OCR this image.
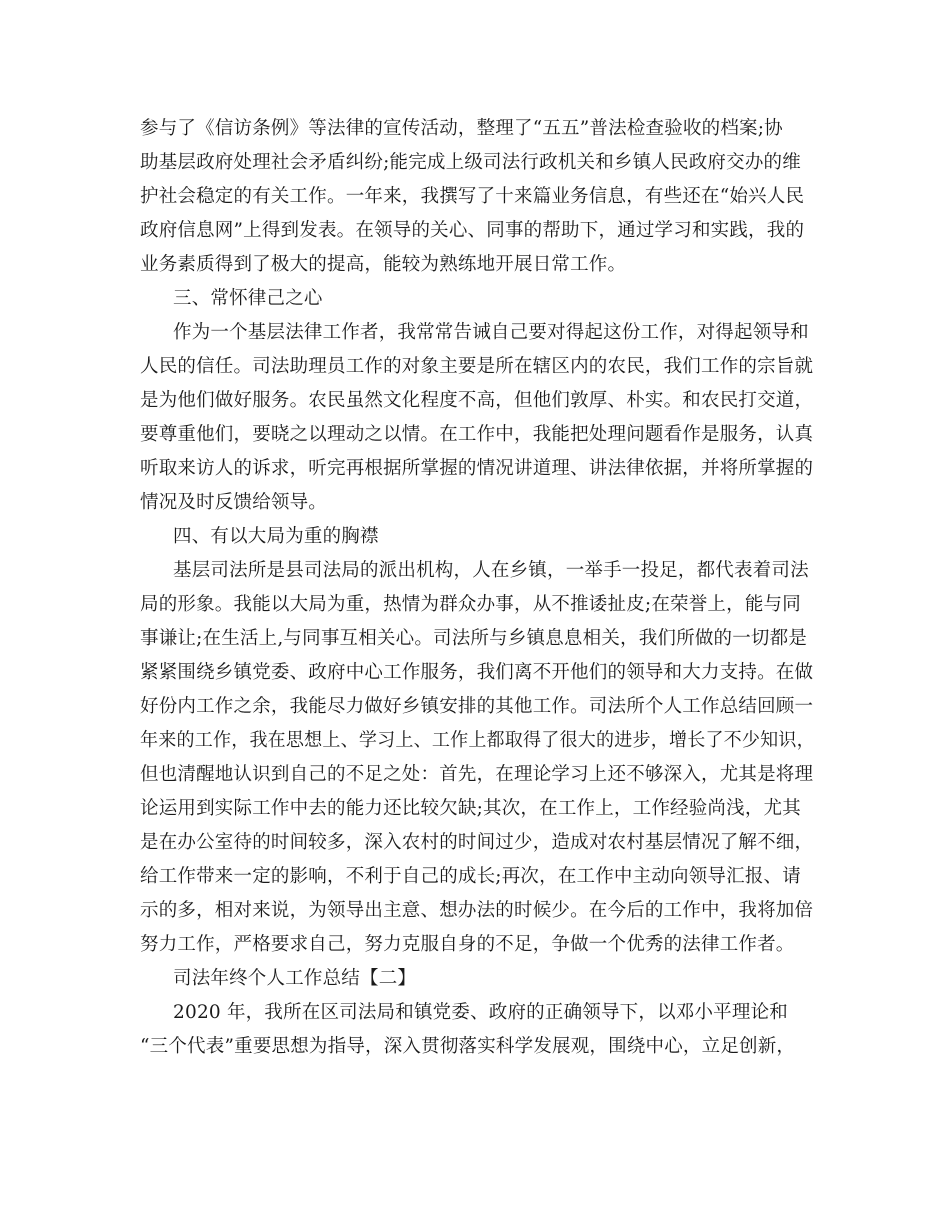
参与了《信访条例》等法律的宣传活动，整理了“五五”普法检查验收的档案;协
助基层政府处理社会矛盾纠纷;能完成上级司法行政机关和乡镇人民政府交办的维
护社会稳定的有关工作。一年来，我撰写了十来篇业务信息，有些还在“始兴人民
政府信息网”上得到发表。在领导的关心、同事的帮助下，通过学习和实践，我的
业务素质得到了极大的提高，能较为熟练地开展日常工作。
三、常怀律己之心
作为一个基层法律工作者，我常常告诫自己要对得起这份工作，对得起领导和
人民的信任。司法助理员工作的对象主要是所在辖区内的农民，我们工作的宗旨就
是为他们做好服务。农民虽然文化程度不高，但他们敦厚、朴实。和农民打交道，
要尊重他们，要晓之以理动之以情。在工作中，我能把处理问题看作是服务，认真
听取来访人的诉求，听完再根据所掌握的情况讲道理、讲法律依据，并将所掌握的
情况及时反馈给领导。
四、有以大局为重的胸襟
基层司法所是县司法局的派出机构，人在乡镇，一举手一投足，都代表着司法
局的形象。我能以大局为重，热情为群众办事，从不推诿扯皮;在荣誉上，能与同
事谦让;在生活上,与同事互相关心。司法所与乡镇息息相关，我们所做的一切都是
紧紧围绕乡镇党委、政府中心工作服务，我们离不开他们的领导和大力支持。在做
好份内工作之余，我能尽力做好乡镇安排的其他工作。司法所个人工作总结回顾一
年来的工作，我在思想上、学习上、工作上都取得了很大的进步，增长了不少知识，
但也清醒地认识到自己的不足之处：首先，在理论学习上还不够深入，尤其是将理
论运用到实际工作中去的能力还比较欠缺;其次，在工作上，工作经验尚浅，尤其
是在办公室待的时间较多，深入农村的时间过少，造成对农村基层情况了解不细，
给工作带来一定的影响，不利于自己的成长;再次，在工作中主动向领导汇报、请
示的多，相对来说，为领导出主意、想办法的时候少。在今后的工作中，我将加倍
努力工作，严格要求自己，努力克服自身的不足，争做一个优秀的法律工作者。
司法年终个人工作总结【二】
2020 年，我所在区司法局和镇党委、政府的正确领导下，以邓小平理论和
“三个代表”重要思想为指导，深入贯彻落实科学发展观，围绕中心，立足创新，
